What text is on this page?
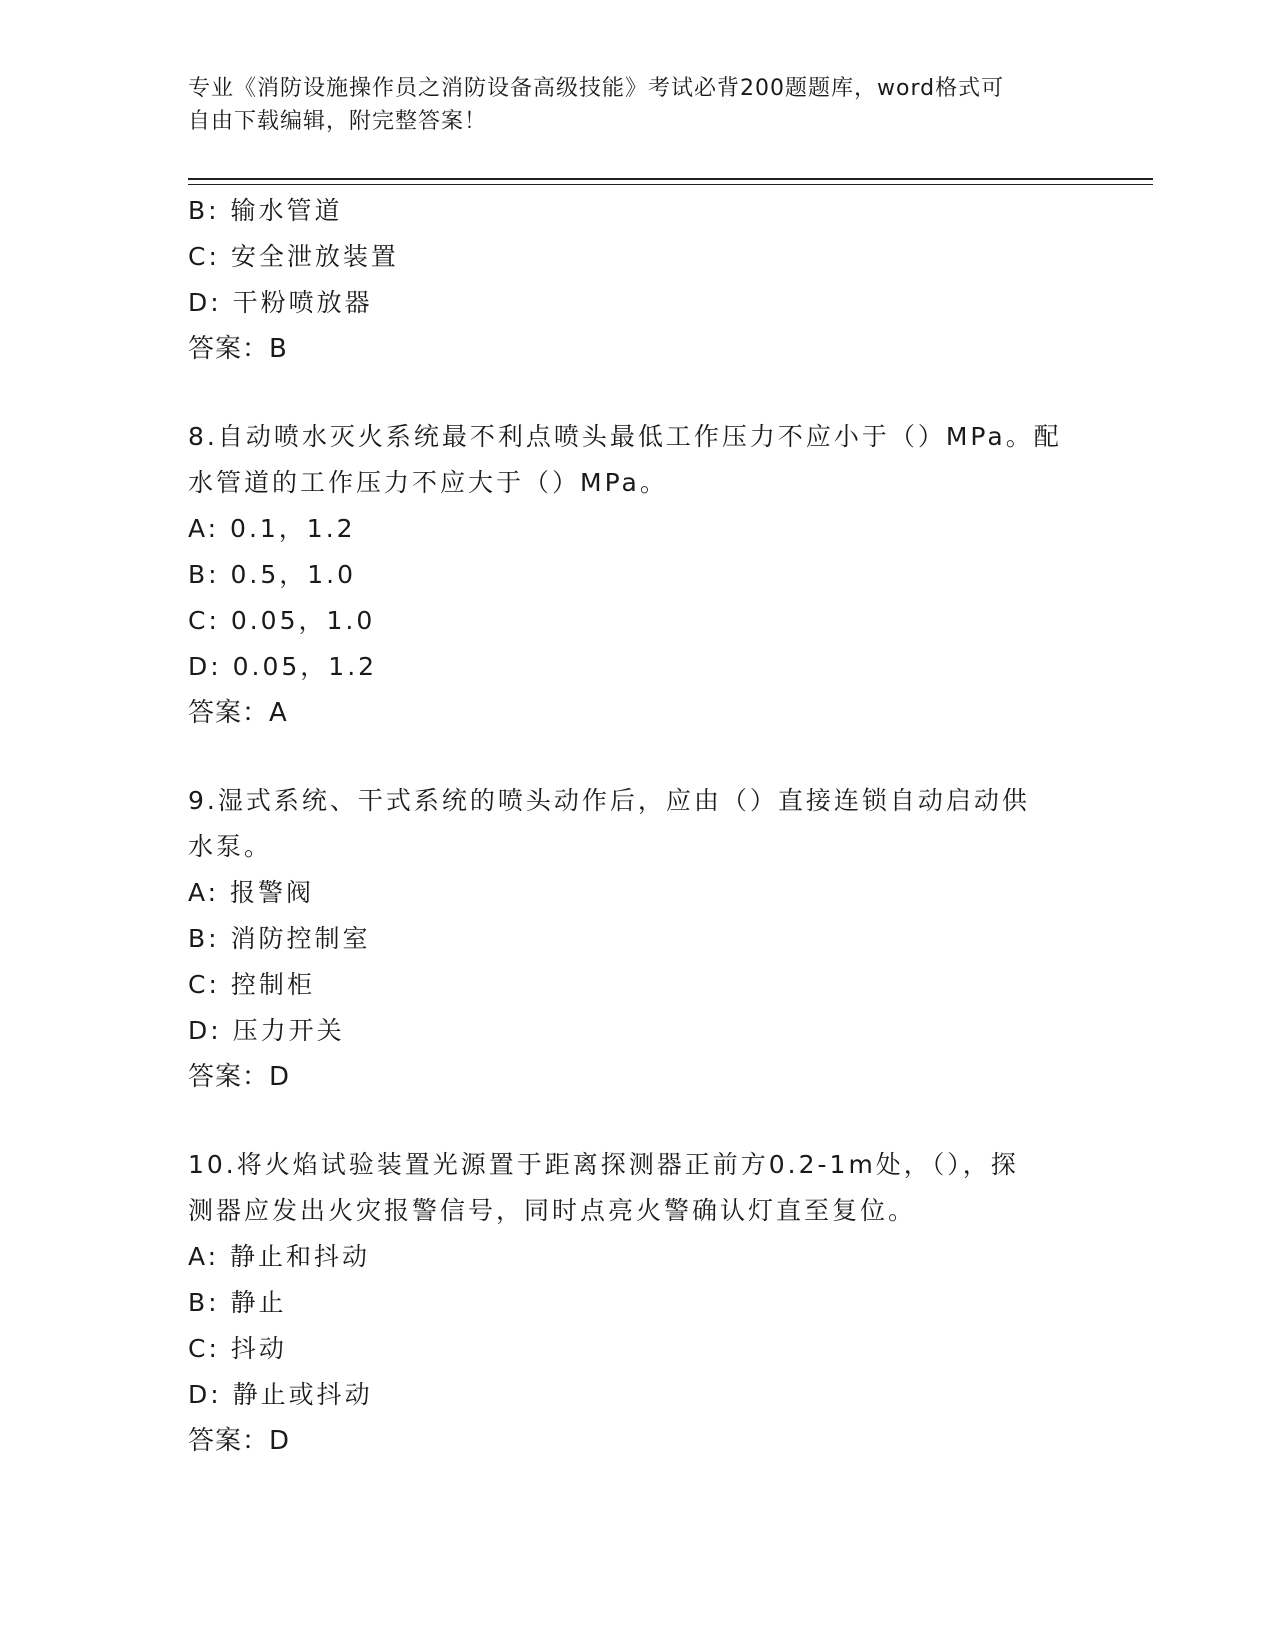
专业《消防设施操作员之消防设备高级技能》考试必背200题题库，word格式可
自由下载编辑，附完整答案！
B: 输水管道
C: 安全泄放装置
D: 干粉喷放器
答案：B
8.自动喷水灭火系统最不利点喷头最低工作压力不应小于（）MPa。配
水管道的工作压力不应大于（）MPa。
A: 0.1，1.2
B: 0.5，1.0
C: 0.05，1.0
D: 0.05，1.2
答案：A
9.湿式系统、干式系统的喷头动作后，应由（）直接连锁自动启动供
水泵。
A: 报警阀
B: 消防控制室
C: 控制柜
D: 压力开关
答案：D
10.将火焰试验装置光源置于距离探测器正前方0.2-1m处，（），探
测器应发出火灾报警信号，同时点亮火警确认灯直至复位。
A: 静止和抖动
B: 静止
C: 抖动
D: 静止或抖动
答案：D
